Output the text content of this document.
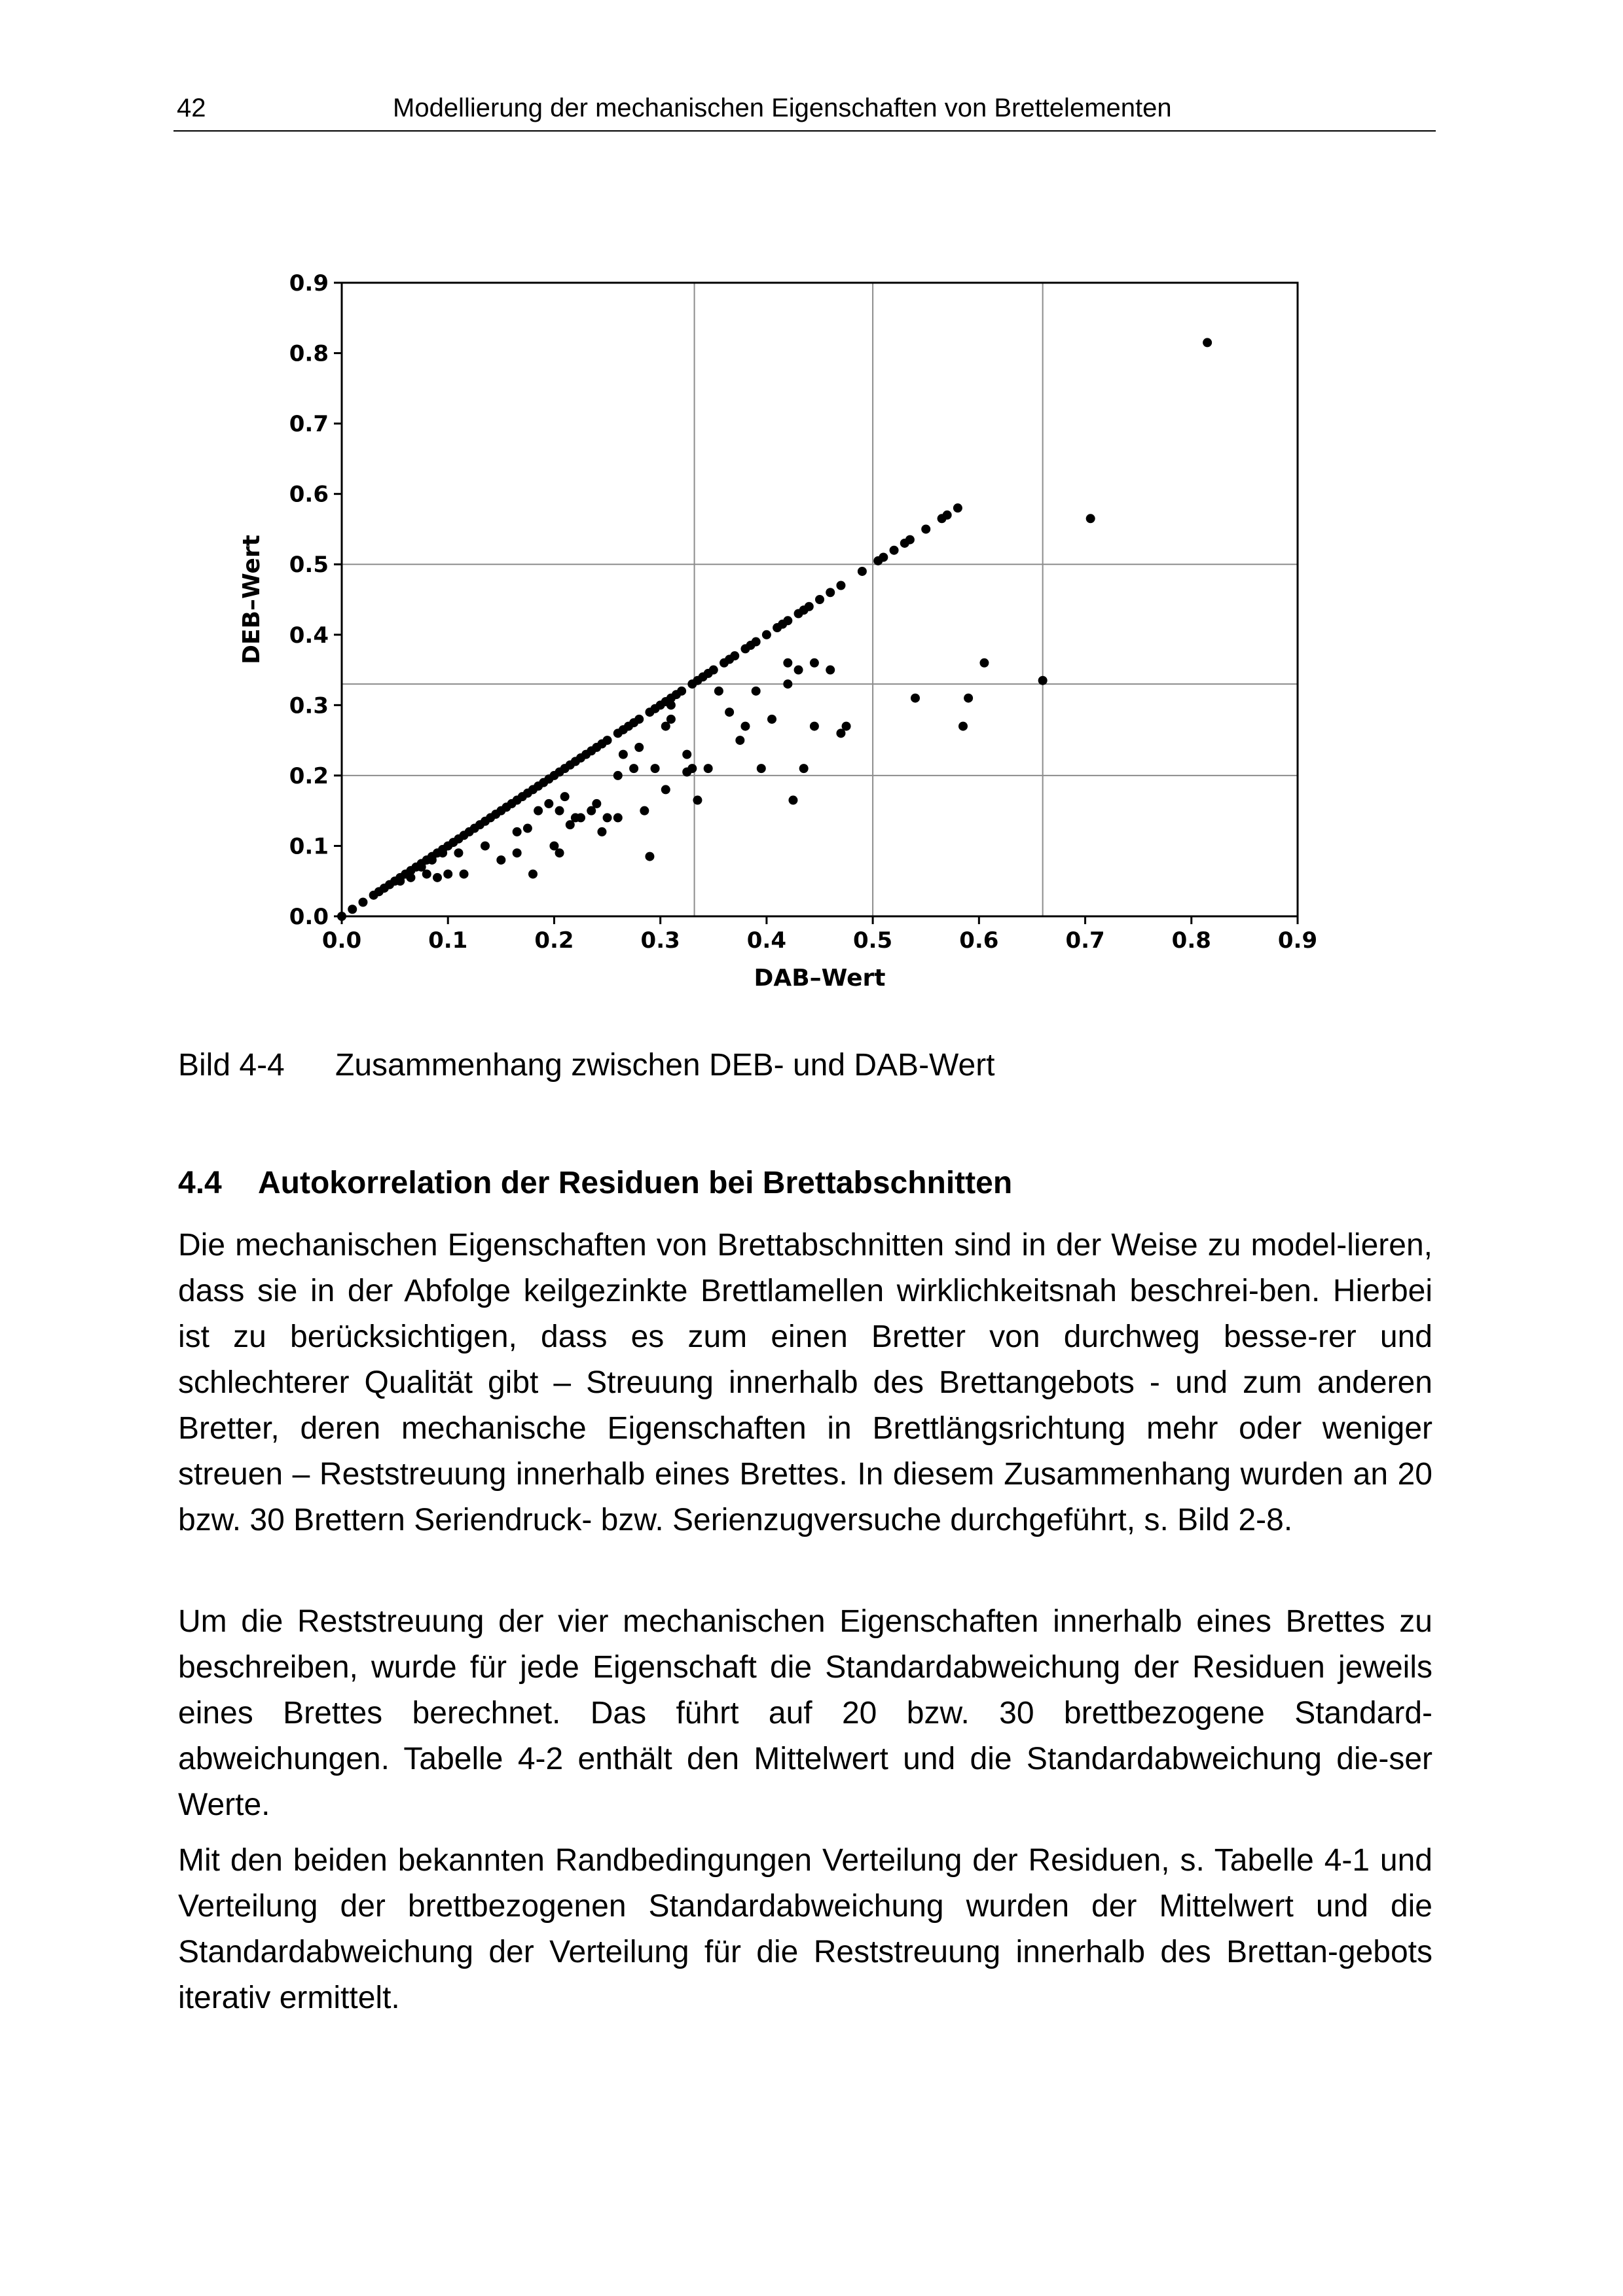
42	Modellierung der mechanischen Eigenschaften von Brettelementen
0.0	0.1	0.2	0.3	0.4	0.5	0.6	0.7	0.8	0.9
0.0
0.1
0.2
0.3
0.4
0.5
0.6
0.7
0.8
0.9
DAB–Wert
DEB–Wert
Bild 4-4 Zusammenhang zwischen DEB- und DAB-Wert
4.4 Autokorrelation der Residuen bei Brettabschnitten

Die mechanischen Eigenschaften von Brettabschnitten sind in der Weise zu model-lieren, dass sie in der Abfolge keilgezinkte Brettlamellen wirklichkeitsnah beschrei-ben. Hierbei ist zu berücksichtigen, dass es zum einen Bretter von durchweg besse-rer und schlechterer Qualität gibt – Streuung innerhalb des Brettangebots - und zum anderen Bretter, deren mechanische Eigenschaften in Brettlängsrichtung mehr oder weniger streuen – Reststreuung innerhalb eines Brettes. In diesem Zusammenhang wurden an 20 bzw. 30 Brettern Seriendruck- bzw. Serienzugversuche durchgeführt, s. Bild 2-8.

Um die Reststreuung der vier mechanischen Eigenschaften innerhalb eines Brettes zu beschreiben, wurde für jede Eigenschaft die Standardabweichung der Residuen jeweils eines Brettes berechnet. Das führt auf 20 bzw. 30 brettbezogene Standard-abweichungen. Tabelle 4-2 enthält den Mittelwert und die Standardabweichung die-ser Werte.

Mit den beiden bekannten Randbedingungen Verteilung der Residuen, s. Tabelle 4-1 und Verteilung der brettbezogenen Standardabweichung wurden der Mittelwert und die Standardabweichung der Verteilung für die Reststreuung innerhalb des Brettan-gebots iterativ ermittelt.
